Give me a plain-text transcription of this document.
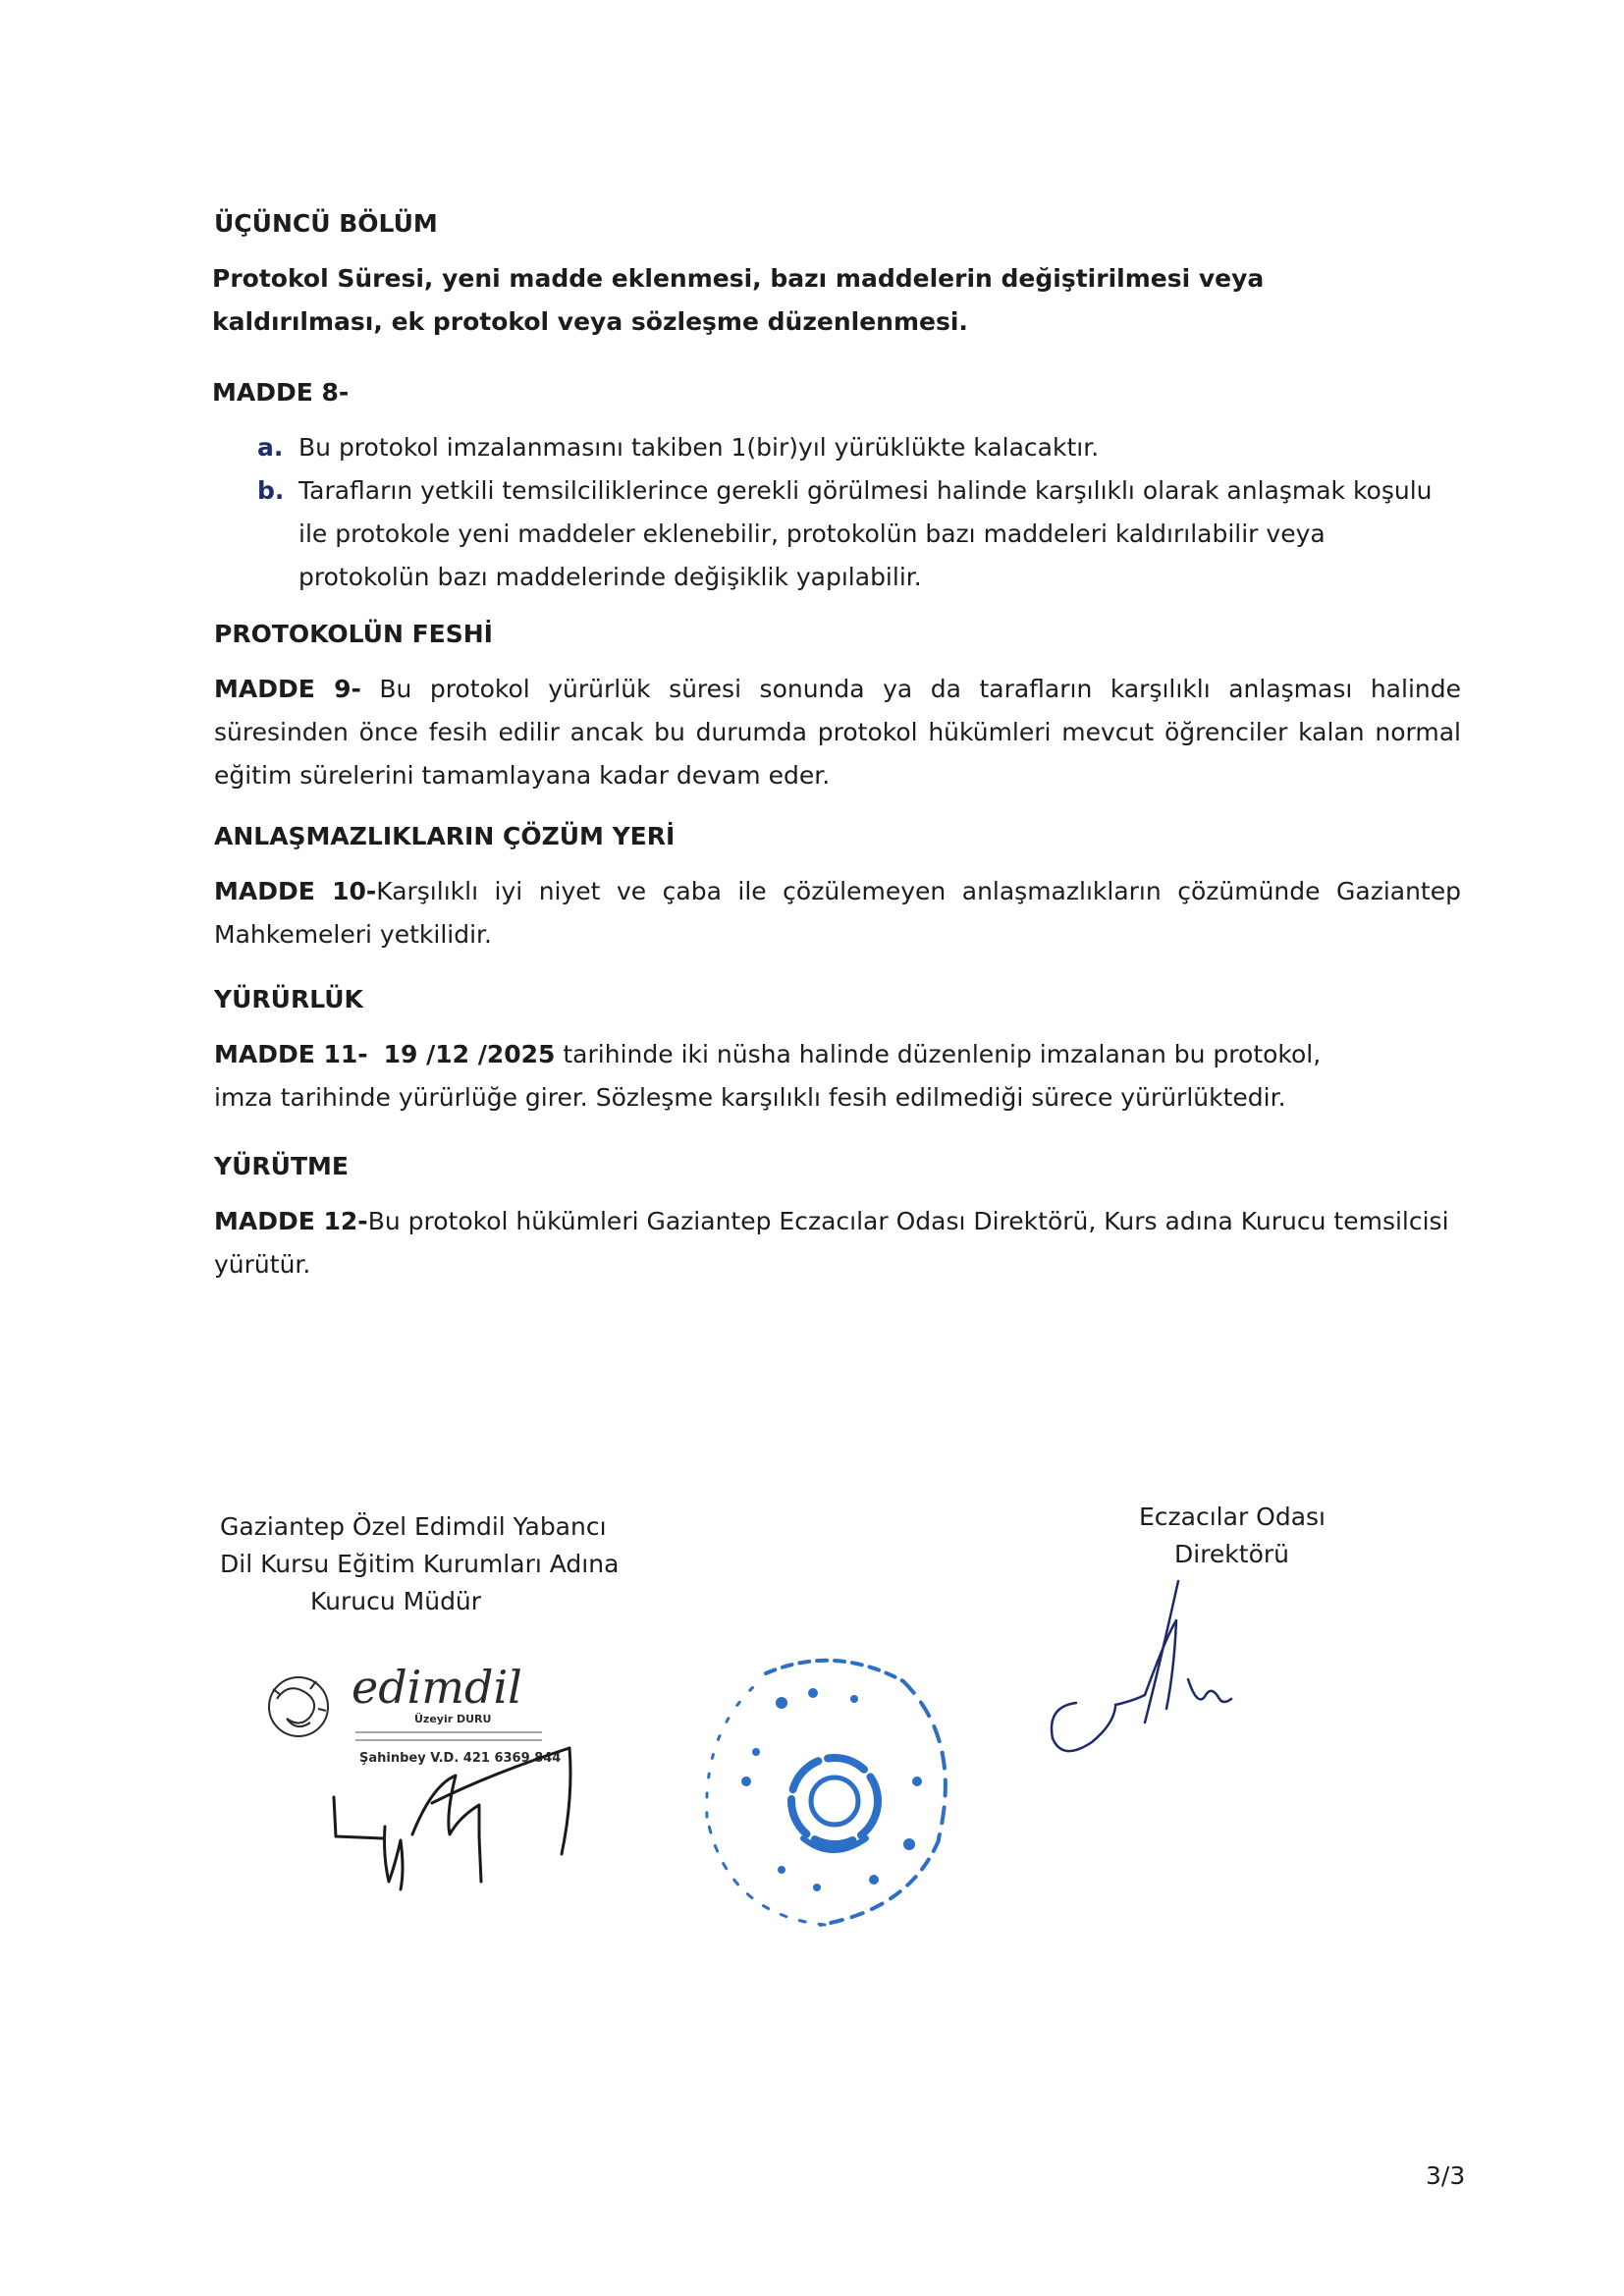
ÜÇÜNCÜ BÖLÜM
Protokol Süresi, yeni madde eklenmesi, bazı maddelerin değiştirilmesi veya kaldırılması, ek protokol veya sözleşme düzenlenmesi.
MADDE 8-
a. Bu protokol imzalanmasını takiben 1(bir)yıl yürüklükte kalacaktır.
b. Tarafların yetkili temsilciliklerince gerekli görülmesi halinde karşılıklı olarak anlaşmak koşulu ile protokole yeni maddeler eklenebilir, protokolün bazı maddeleri kaldırılabilir veya protokolün bazı maddelerinde değişiklik yapılabilir.
PROTOKOLÜN FESHİ
MADDE 9- Bu protokol yürürlük süresi sonunda ya da tarafların karşılıklı anlaşması halinde süresinden önce fesih edilir ancak bu durumda protokol hükümleri mevcut öğrenciler kalan normal eğitim sürelerini tamamlayana kadar devam eder.
ANLAŞMAZLIKLARIN ÇÖZÜM YERİ
MADDE 10-Karşılıklı iyi niyet ve çaba ile çözülemeyen anlaşmazlıkların çözümünde Gaziantep Mahkemeleri yetkilidir.
YÜRÜRLÜK
MADDE 11- 19 /12 /2025 tarihinde iki nüsha halinde düzenlenip imzalanan bu protokol, imza tarihinde yürürlüğe girer. Sözleşme karşılıklı fesih edilmediği sürece yürürlüktedir.
YÜRÜTME
MADDE 12-Bu protokol hükümleri Gaziantep Eczacılar Odası Direktörü, Kurs adına Kurucu temsilcisi yürütür.
Gaziantep Özel Edimdil Yabancı
Dil Kursu Eğitim Kurumları Adına
Kurucu Müdür
Eczacılar Odası
Direktörü
edimdil
Üzeyir DURU
Şahinbey V.D. 421 6369 844
3/3
